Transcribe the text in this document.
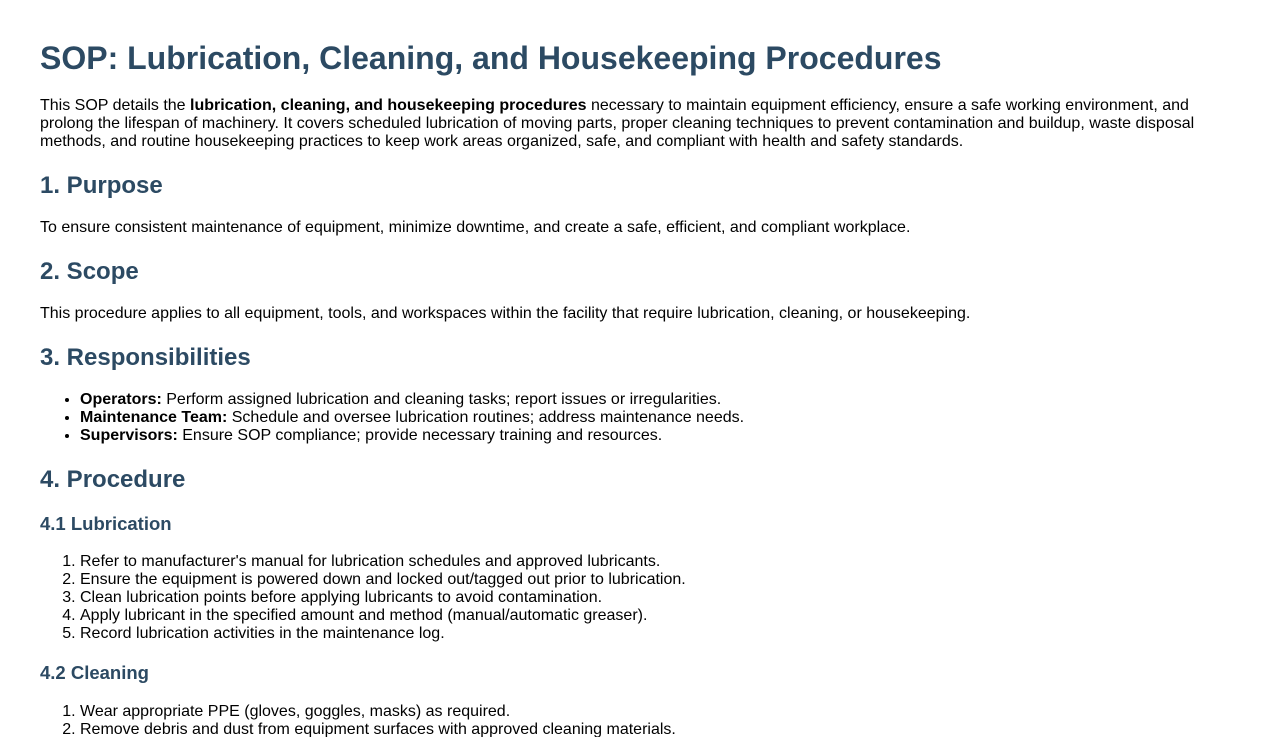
SOP: Lubrication, Cleaning, and Housekeeping Procedures

This SOP details the lubrication, cleaning, and housekeeping procedures necessary to maintain equipment efficiency, ensure a safe working environment, and prolong the lifespan of machinery. It covers scheduled lubrication of moving parts, proper cleaning techniques to prevent contamination and buildup, waste disposal methods, and routine housekeeping practices to keep work areas organized, safe, and compliant with health and safety standards.

1. Purpose

To ensure consistent maintenance of equipment, minimize downtime, and create a safe, efficient, and compliant workplace.

2. Scope

This procedure applies to all equipment, tools, and workspaces within the facility that require lubrication, cleaning, or housekeeping.

3. Responsibilities
• Operators: Perform assigned lubrication and cleaning tasks; report issues or irregularities.
• Maintenance Team: Schedule and oversee lubrication routines; address maintenance needs.
• Supervisors: Ensure SOP compliance; provide necessary training and resources.
4. Procedure
4.1 Lubrication
1. Refer to manufacturer's manual for lubrication schedules and approved lubricants.
2. Ensure the equipment is powered down and locked out/tagged out prior to lubrication.
3. Clean lubrication points before applying lubricants to avoid contamination.
4. Apply lubricant in the specified amount and method (manual/automatic greaser).
5. Record lubrication activities in the maintenance log.
4.2 Cleaning
1. Wear appropriate PPE (gloves, goggles, masks) as required.
2. Remove debris and dust from equipment surfaces with approved cleaning materials.
